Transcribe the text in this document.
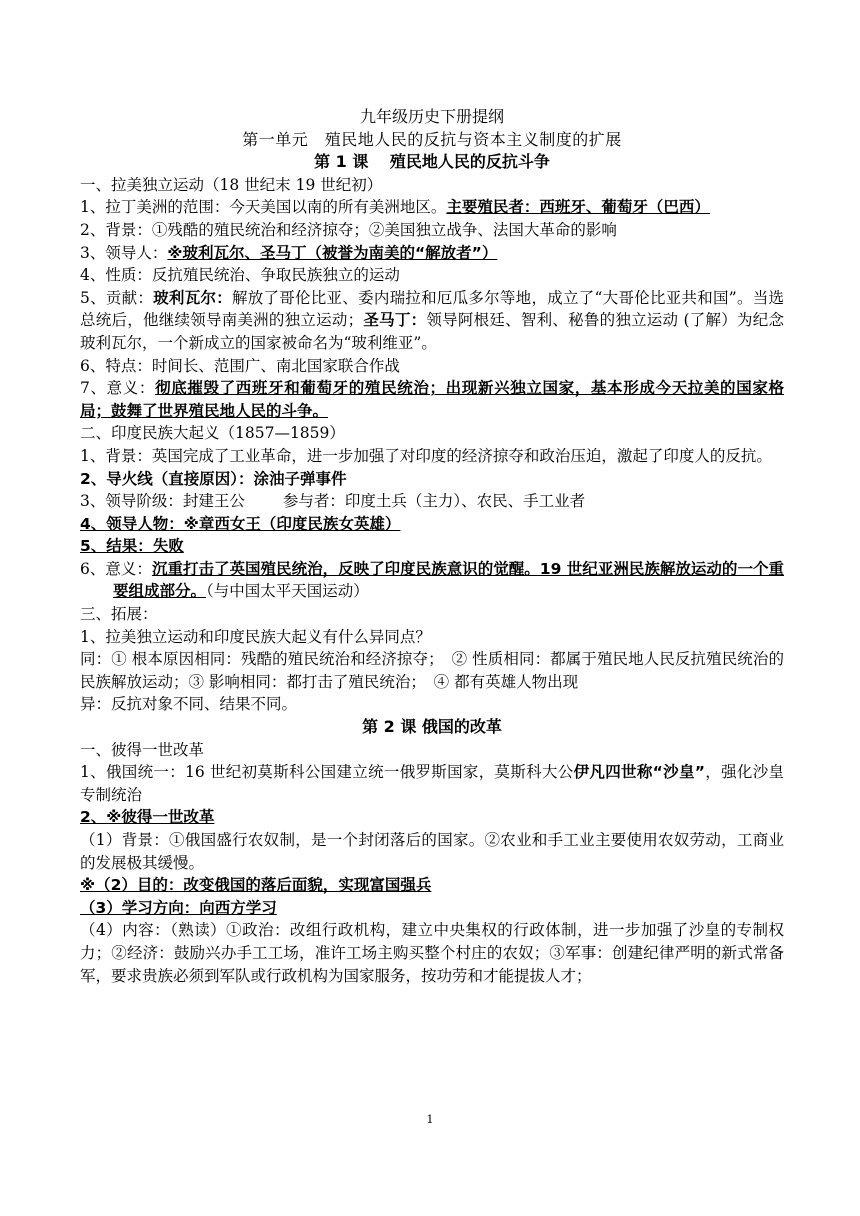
九年级历史下册提纲
第一单元　殖民地人民的反抗与资本主义制度的扩展
第 1 课　 殖民地人民的反抗斗争
一、拉美独立运动（18 世纪末 19 世纪初）
1、拉丁美洲的范围：今天美国以南的所有美洲地区。主要殖民者：西班牙、葡萄牙（巴西）
2、背景：①残酷的殖民统治和经济掠夺；②美国独立战争、法国大革命的影响
3、领导人：※玻利瓦尔、圣马丁（被誉为南美的“解放者”）
4、性质：反抗殖民统治、争取民族独立的运动
5、贡献：玻利瓦尔：解放了哥伦比亚、委内瑞拉和厄瓜多尔等地，成立了“大哥伦比亚共和国”。当选总统后，他继续领导南美洲的独立运动；圣马丁：领导阿根廷、智利、秘鲁的独立运动 (了解）为纪念玻利瓦尔，一个新成立的国家被命名为“玻利维亚”。
6、特点：时间长、范围广、南北国家联合作战
7、意义：彻底摧毁了西班牙和葡萄牙的殖民统治；出现新兴独立国家，基本形成今天拉美的国家格局；鼓舞了世界殖民地人民的斗争。
二、印度民族大起义（1857—1859）
1、背景：英国完成了工业革命，进一步加强了对印度的经济掠夺和政治压迫，激起了印度人的反抗。
2、导火线（直接原因）：涂油子弹事件
3、领导阶级：封建王公 参与者：印度土兵（主力）、农民、手工业者
4、领导人物：※章西女王（印度民族女英雄）
5、结果：失败
6、意义：沉重打击了英国殖民统治，反映了印度民族意识的觉醒。19 世纪亚洲民族解放运动的一个重要组成部分。（与中国太平天国运动）
三、拓展：
1、拉美独立运动和印度民族大起义有什么异同点？
同：① 根本原因相同：残酷的殖民统治和经济掠夺；　② 性质相同：都属于殖民地人民反抗殖民统治的民族解放运动；③ 影响相同：都打击了殖民统治；　④ 都有英雄人物出现
异：反抗对象不同、结果不同。
第 2 课 俄国的改革
一、彼得一世改革
1、俄国统一：16 世纪初莫斯科公国建立统一俄罗斯国家，莫斯科大公伊凡四世称“沙皇”，强化沙皇专制统治
2、※彼得一世改革
（1）背景：①俄国盛行农奴制，是一个封闭落后的国家。②农业和手工业主要使用农奴劳动，工商业的发展极其缓慢。
※（2）目的：改变俄国的落后面貌，实现富国强兵
（3）学习方向：向西方学习
（4）内容：（熟读）①政治：改组行政机构，建立中央集权的行政体制，进一步加强了沙皇的专制权力；②经济：鼓励兴办手工工场，准许工场主购买整个村庄的农奴；③军事：创建纪律严明的新式常备军，要求贵族必须到军队或行政机构为国家服务，按功劳和才能提拔人才；
1
